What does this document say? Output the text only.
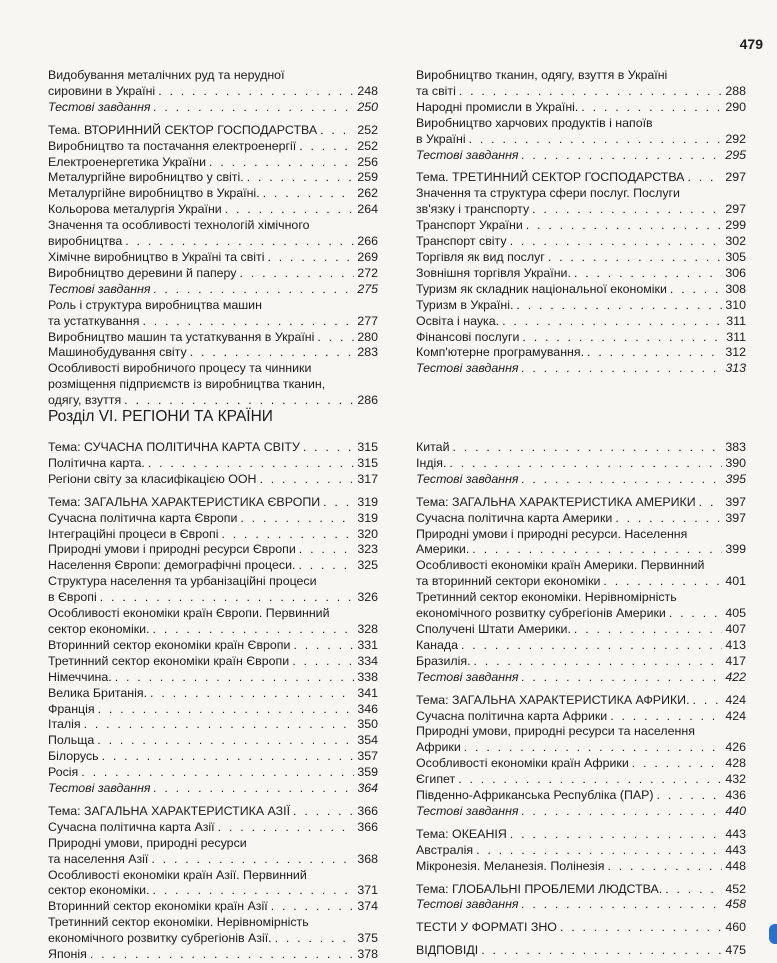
479
Видобування металічних руд та нерудної
сировини в Україні . . .	248
Тестові завдання . . .	250
Тема. ВТОРИННИЙ СЕКТОР ГОСПОДАРСТВА . . .	252
Виробництво та постачання електроенергії . . .	252
Електроенергетика України . . .	256
Металургійне виробництво у світі. . . .	259
Металургійне виробництво в Україні. . . .	262
Кольорова металургія України . . .	264
Значення та особливості технологій хімічного
виробництва . . .	266
Хімічне виробництво в Україні та світі . . .	269
Виробництво деревини й паперу . . .	272
Тестові завдання . . .	275
Роль і структура виробництва машин
та устаткування . . .	277
Виробництво машин та устаткування в Україні . . .	280
Машинобудування світу . . .	283
Особливості виробничого процесу та чинники
розміщення підприємств із виробництва тканин,
одягу, взуття . . .	286
Виробництво тканин, одягу, взуття в Україні
та світі . . .	288
Народні промисли в Україні. . . .	290
Виробництво харчових продуктів і напоїв
в Україні . . .	292
Тестові завдання . . .	295
Тема. ТРЕТИННИЙ СЕКТОР ГОСПОДАРСТВА . . .	297
Значення та структура сфери послуг. Послуги
зв'язку і транспорту . . .	297
Транспорт України . . .	299
Транспорт світу . . .	302
Торгівля як вид послуг . . .	305
Зовнішня торгівля України. . . .	306
Туризм як складник національної економіки . . .	308
Туризм в Україні. . . .	310
Освіта і наука. . . .	311
Фінансові послуги . . .	311
Комп'ютерне програмування. . . .	312
Тестові завдання . . .	313
Розділ VI. РЕГІОНИ ТА КРАЇНИ
Тема: СУЧАСНА ПОЛІТИЧНА КАРТА СВІТУ . . .	315
Політична карта. . . .	315
Регіони світу за класифікацією ООН . . .	317
Тема: ЗАГАЛЬНА ХАРАКТЕРИСТИКА ЄВРОПИ . . .	319
Сучасна політична карта Європи . . .	319
Інтеграційні процеси в Європі . . .	320
Природні умови і природні ресурси Європи . . .	323
Населення Європи: демографічні процеси. . . .	325
Структура населення та урбанізаційні процеси
в Європі . . .	326
Особливості економіки країн Європи. Первинний
сектор економіки. . . .	328
Вторинний сектор економіки країн Європи . . .	331
Третинний сектор економіки країн Європи . . .	334
Німеччина. . . .	338
Велика Британія. . . .	341
Франція . . .	346
Італія . . .	350
Польща . . .	354
Білорусь . . .	357
Росія . . .	359
Тестові завдання . . .	364
Тема: ЗАГАЛЬНА ХАРАКТЕРИСТИКА АЗІЇ . . .	366
Сучасна політична карта Азії . . .	366
Природні умови, природні ресурси
та населення Азії . . .	368
Особливості економіки країн Азії. Первинний
сектор економіки. . . .	371
Вторинний сектор економіки країн Азії . . .	374
Третинний сектор економіки. Нерівномірність
економічного розвитку субрегіонів Азії. . . .	375
Японія . . .	378
Китай . . .	383
Індія. . . .	390
Тестові завдання . . .	395
Тема: ЗАГАЛЬНА ХАРАКТЕРИСТИКА АМЕРИКИ . . . 397
Сучасна політична карта Америки . . .	397
Природні умови і природні ресурси. Населення
Америки. . . .	399
Особливості економіки країн Америки. Первинний
та вторинний сектори економіки . . .	401
Третинний сектор економіки. Нерівномірність
економічного розвитку субрегіонів Америки . . .	405
Сполучені Штати Америки. . . .	407
Канада . . .	413
Бразилія. . . .	417
Тестові завдання . . .	422
Тема: ЗАГАЛЬНА ХАРАКТЕРИСТИКА АФРИКИ. . . .	424
Сучасна політична карта Африки . . .	424
Природні умови, природні ресурси та населення
Африки . . .	426
Особливості економіки країн Африки . . .	428
Єгипет . . .	432
Південно-Африканська Республіка (ПАР) . . .	436
Тестові завдання . . .	440
Тема: ОКЕАНІЯ . . .	443
Австралія . . .	443
Мікронезія. Меланезія. Полінезія . . .	448
Тема: ГЛОБАЛЬНІ ПРОБЛЕМИ ЛЮДСТВА. . . .	452
Тестові завдання . . .	458
ТЕСТИ У ФОРМАТІ ЗНО . . .	460
ВІДПОВІДІ . . .	475
